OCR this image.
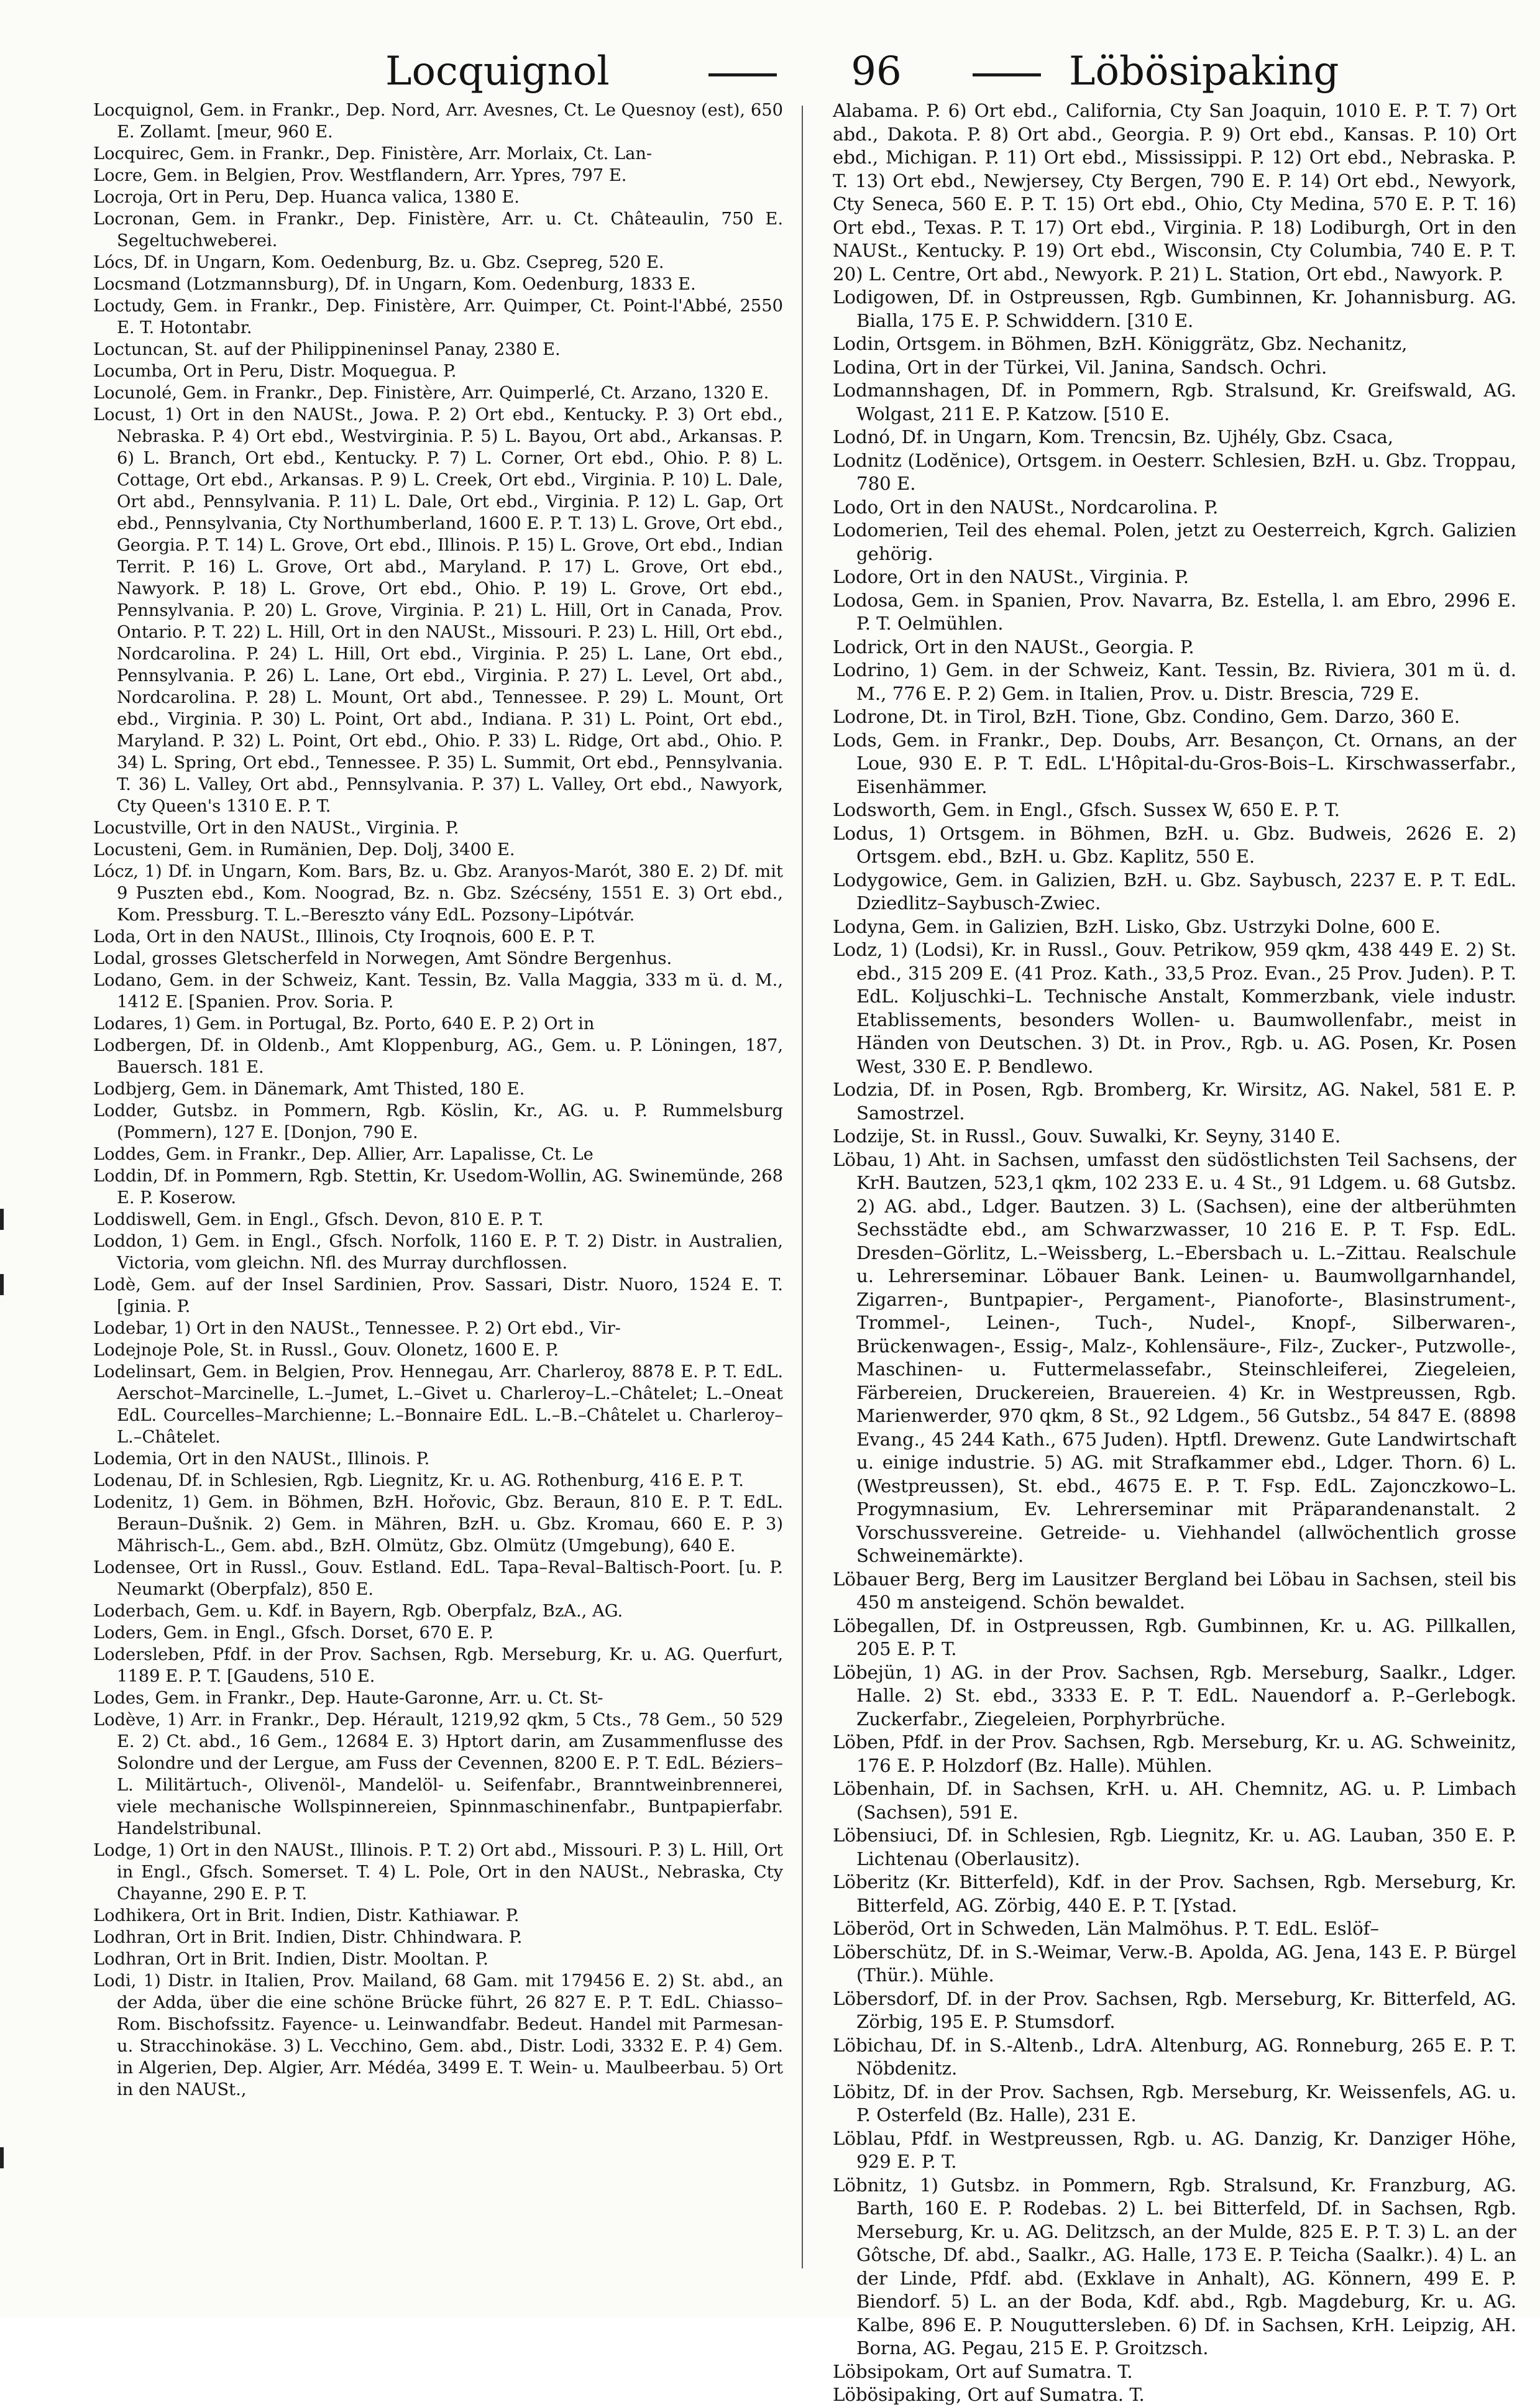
Locquignol	96	Löbösipaking

Locquignol, Gem. in Frankr., Dep. Nord, Arr. Avesnes, Ct. Le Quesnoy (est), 650 E. Zollamt. [meur, 960 E.

Locquirec, Gem. in Frankr., Dep. Finistère, Arr. Morlaix, Ct. Lan-

Locre, Gem. in Belgien, Prov. Westflandern, Arr. Ypres, 797 E.

Locroja, Ort in Peru, Dep. Huanca valica, 1380 E.

Locronan, Gem. in Frankr., Dep. Finistère, Arr. u. Ct. Châteaulin, 750 E. Segeltuchweberei.

Lócs, Df. in Ungarn, Kom. Oedenburg, Bz. u. Gbz. Csepreg, 520 E.

Locsmand (Lotzmannsburg), Df. in Ungarn, Kom. Oedenburg, 1833 E.

Loctudy, Gem. in Frankr., Dep. Finistère, Arr. Quimper, Ct. Point-l'Abbé, 2550 E. T. Hotontabr.

Loctuncan, St. auf der Philippineninsel Panay, 2380 E.

Locumba, Ort in Peru, Distr. Moquegua. P.

Locunolé, Gem. in Frankr., Dep. Finistère, Arr. Quimperlé, Ct. Arzano, 1320 E.

Locust, 1) Ort in den NAUSt., Jowa. P. 2) Ort ebd., Kentucky. P. 3) Ort ebd., Nebraska. P. 4) Ort ebd., Westvirginia. P. 5) L. Bayou, Ort abd., Arkansas. P. 6) L. Branch, Ort ebd., Kentucky. P. 7) L. Corner, Ort ebd., Ohio. P. 8) L. Cottage, Ort ebd., Arkansas. P. 9) L. Creek, Ort ebd., Virginia. P. 10) L. Dale, Ort abd., Pennsylvania. P. 11) L. Dale, Ort ebd., Virginia. P. 12) L. Gap, Ort ebd., Pennsylvania, Cty Northumberland, 1600 E. P. T. 13) L. Grove, Ort ebd., Georgia. P. T. 14) L. Grove, Ort ebd., Illinois. P. 15) L. Grove, Ort ebd., Indian Territ. P. 16) L. Grove, Ort abd., Maryland. P. 17) L. Grove, Ort ebd., Nawyork. P. 18) L. Grove, Ort ebd., Ohio. P. 19) L. Grove, Ort ebd., Pennsylvania. P. 20) L. Grove, Virginia. P. 21) L. Hill, Ort in Canada, Prov. Ontario. P. T. 22) L. Hill, Ort in den NAUSt., Missouri. P. 23) L. Hill, Ort ebd., Nordcarolina. P. 24) L. Hill, Ort ebd., Virginia. P. 25) L. Lane, Ort ebd., Pennsylvania. P. 26) L. Lane, Ort ebd., Virginia. P. 27) L. Level, Ort abd., Nordcarolina. P. 28) L. Mount, Ort abd., Tennessee. P. 29) L. Mount, Ort ebd., Virginia. P. 30) L. Point, Ort abd., Indiana. P. 31) L. Point, Ort ebd., Maryland. P. 32) L. Point, Ort ebd., Ohio. P. 33) L. Ridge, Ort abd., Ohio. P. 34) L. Spring, Ort ebd., Tennessee. P. 35) L. Summit, Ort ebd., Pennsylvania. T. 36) L. Valley, Ort abd., Pennsylvania. P. 37) L. Valley, Ort ebd., Nawyork, Cty Queen's 1310 E. P. T.

Locustville, Ort in den NAUSt., Virginia. P.

Locusteni, Gem. in Rumänien, Dep. Dolj, 3400 E.

Lócz, 1) Df. in Ungarn, Kom. Bars, Bz. u. Gbz. Aranyos-Marót, 380 E. 2) Df. mit 9 Puszten ebd., Kom. Noograd, Bz. n. Gbz. Szécsény, 1551 E. 3) Ort ebd., Kom. Pressburg. T. L.–Bereszto vány EdL. Pozsony–Lipótvár.

Loda, Ort in den NAUSt., Illinois, Cty Iroqnois, 600 E. P. T.

Lodal, grosses Gletscherfeld in Norwegen, Amt Söndre Bergenhus.

Lodano, Gem. in der Schweiz, Kant. Tessin, Bz. Valla Maggia, 333 m ü. d. M., 1412 E. [Spanien. Prov. Soria. P.

Lodares, 1) Gem. in Portugal, Bz. Porto, 640 E. P. 2) Ort in

Lodbergen, Df. in Oldenb., Amt Kloppenburg, AG., Gem. u. P. Löningen, 187, Bauersch. 181 E.

Lodbjerg, Gem. in Dänemark, Amt Thisted, 180 E.

Lodder, Gutsbz. in Pommern, Rgb. Köslin, Kr., AG. u. P. Rummelsburg (Pommern), 127 E. [Donjon, 790 E.

Loddes, Gem. in Frankr., Dep. Allier, Arr. Lapalisse, Ct. Le

Loddin, Df. in Pommern, Rgb. Stettin, Kr. Usedom-Wollin, AG. Swinemünde, 268 E. P. Koserow.

Loddiswell, Gem. in Engl., Gfsch. Devon, 810 E. P. T.

Loddon, 1) Gem. in Engl., Gfsch. Norfolk, 1160 E. P. T. 2) Distr. in Australien, Victoria, vom gleichn. Nfl. des Murray durchflossen.

Lodè, Gem. auf der Insel Sardinien, Prov. Sassari, Distr. Nuoro, 1524 E. T. [ginia. P.

Lodebar, 1) Ort in den NAUSt., Tennessee. P. 2) Ort ebd., Vir-

Lodejnoje Pole, St. in Russl., Gouv. Olonetz, 1600 E. P.

Lodelinsart, Gem. in Belgien, Prov. Hennegau, Arr. Charleroy, 8878 E. P. T. EdL. Aerschot–Marcinelle, L.–Jumet, L.–Givet u. Charleroy–L.–Châtelet; L.–Oneat EdL. Courcelles–Marchienne; L.–Bonnaire EdL. L.–B.–Châtelet u. Charleroy–L.–Châtelet.

Lodemia, Ort in den NAUSt., Illinois. P.

Lodenau, Df. in Schlesien, Rgb. Liegnitz, Kr. u. AG. Rothenburg, 416 E. P. T.

Lodenitz, 1) Gem. in Böhmen, BzH. Hořovic, Gbz. Beraun, 810 E. P. T. EdL. Beraun–Dušnik. 2) Gem. in Mähren, BzH. u. Gbz. Kromau, 660 E. P. 3) Mährisch-L., Gem. abd., BzH. Olmütz, Gbz. Olmütz (Umgebung), 640 E.

Lodensee, Ort in Russl., Gouv. Estland. EdL. Tapa–Reval–Baltisch-Poort. [u. P. Neumarkt (Oberpfalz), 850 E.

Loderbach, Gem. u. Kdf. in Bayern, Rgb. Oberpfalz, BzA., AG.

Loders, Gem. in Engl., Gfsch. Dorset, 670 E. P.

Lodersleben, Pfdf. in der Prov. Sachsen, Rgb. Merseburg, Kr. u. AG. Querfurt, 1189 E. P. T. [Gaudens, 510 E.

Lodes, Gem. in Frankr., Dep. Haute-Garonne, Arr. u. Ct. St-

Lodève, 1) Arr. in Frankr., Dep. Hérault, 1219,92 qkm, 5 Cts., 78 Gem., 50 529 E. 2) Ct. abd., 16 Gem., 12684 E. 3) Hptort darin, am Zusammenflusse des Solondre und der Lergue, am Fuss der Cevennen, 8200 E. P. T. EdL. Béziers–L. Militärtuch-, Olivenöl-, Mandelöl- u. Seifenfabr., Branntweinbrennerei, viele mechanische Wollspinnereien, Spinnmaschinenfabr., Buntpapierfabr. Handelstribunal.

Lodge, 1) Ort in den NAUSt., Illinois. P. T. 2) Ort abd., Missouri. P. 3) L. Hill, Ort in Engl., Gfsch. Somerset. T. 4) L. Pole, Ort in den NAUSt., Nebraska, Cty Chayanne, 290 E. P. T.

Lodhikera, Ort in Brit. Indien, Distr. Kathiawar. P.

Lodhran, Ort in Brit. Indien, Distr. Chhindwara. P.

Lodhran, Ort in Brit. Indien, Distr. Mooltan. P.

Lodi, 1) Distr. in Italien, Prov. Mailand, 68 Gam. mit 179456 E. 2) St. abd., an der Adda, über die eine schöne Brücke führt, 26 827 E. P. T. EdL. Chiasso–Rom. Bischofssitz. Fayence- u. Leinwandfabr. Bedeut. Handel mit Parmesan- u. Stracchinokäse. 3) L. Vecchino, Gem. abd., Distr. Lodi, 3332 E. P. 4) Gem. in Algerien, Dep. Algier, Arr. Médéa, 3499 E. T. Wein- u. Maulbeerbau. 5) Ort in den NAUSt.,

Alabama. P. 6) Ort ebd., California, Cty San Joaquin, 1010 E. P. T. 7) Ort abd., Dakota. P. 8) Ort abd., Georgia. P. 9) Ort ebd., Kansas. P. 10) Ort ebd., Michigan. P. 11) Ort ebd., Mississippi. P. 12) Ort ebd., Nebraska. P. T. 13) Ort ebd., Newjersey, Cty Bergen, 790 E. P. 14) Ort ebd., Newyork, Cty Seneca, 560 E. P. T. 15) Ort ebd., Ohio, Cty Medina, 570 E. P. T. 16) Ort ebd., Texas. P. T. 17) Ort ebd., Virginia. P. 18) Lodiburgh, Ort in den NAUSt., Kentucky. P. 19) Ort ebd., Wisconsin, Cty Columbia, 740 E. P. T. 20) L. Centre, Ort abd., Newyork. P. 21) L. Station, Ort ebd., Nawyork. P.

Lodigowen, Df. in Ostpreussen, Rgb. Gumbinnen, Kr. Johannisburg. AG. Bialla, 175 E. P. Schwiddern. [310 E.

Lodin, Ortsgem. in Böhmen, BzH. Königgrätz, Gbz. Nechanitz,

Lodina, Ort in der Türkei, Vil. Janina, Sandsch. Ochri.

Lodmannshagen, Df. in Pommern, Rgb. Stralsund, Kr. Greifswald, AG. Wolgast, 211 E. P. Katzow. [510 E.

Lodnó, Df. in Ungarn, Kom. Trencsin, Bz. Ujhély, Gbz. Csaca,

Lodnitz (Lodĕnice), Ortsgem. in Oesterr. Schlesien, BzH. u. Gbz. Troppau, 780 E.

Lodo, Ort in den NAUSt., Nordcarolina. P.

Lodomerien, Teil des ehemal. Polen, jetzt zu Oesterreich, Kgrch. Galizien gehörig.

Lodore, Ort in den NAUSt., Virginia. P.

Lodosa, Gem. in Spanien, Prov. Navarra, Bz. Estella, l. am Ebro, 2996 E. P. T. Oelmühlen.

Lodrick, Ort in den NAUSt., Georgia. P.

Lodrino, 1) Gem. in der Schweiz, Kant. Tessin, Bz. Riviera, 301 m ü. d. M., 776 E. P. 2) Gem. in Italien, Prov. u. Distr. Brescia, 729 E.

Lodrone, Dt. in Tirol, BzH. Tione, Gbz. Condino, Gem. Darzo, 360 E.

Lods, Gem. in Frankr., Dep. Doubs, Arr. Besançon, Ct. Ornans, an der Loue, 930 E. P. T. EdL. L'Hôpital-du-Gros-Bois–L. Kirschwasserfabr., Eisenhämmer.

Lodsworth, Gem. in Engl., Gfsch. Sussex W, 650 E. P. T.

Lodus, 1) Ortsgem. in Böhmen, BzH. u. Gbz. Budweis, 2626 E. 2) Ortsgem. ebd., BzH. u. Gbz. Kaplitz, 550 E.

Lodygowice, Gem. in Galizien, BzH. u. Gbz. Saybusch, 2237 E. P. T. EdL. Dziedlitz–Saybusch-Zwiec.

Lodyna, Gem. in Galizien, BzH. Lisko, Gbz. Ustrzyki Dolne, 600 E.

Lodz, 1) (Lodsi), Kr. in Russl., Gouv. Petrikow, 959 qkm, 438 449 E. 2) St. ebd., 315 209 E. (41 Proz. Kath., 33,5 Proz. Evan., 25 Prov. Juden). P. T. EdL. Koljuschki–L. Technische Anstalt, Kommerzbank, viele industr. Etablissements, besonders Wollen- u. Baumwollenfabr., meist in Händen von Deutschen. 3) Dt. in Prov., Rgb. u. AG. Posen, Kr. Posen West, 330 E. P. Bendlewo.

Lodzia, Df. in Posen, Rgb. Bromberg, Kr. Wirsitz, AG. Nakel, 581 E. P. Samostrzel.

Lodzije, St. in Russl., Gouv. Suwalki, Kr. Seyny, 3140 E.

Löbau, 1) Aht. in Sachsen, umfasst den südöstlichsten Teil Sachsens, der KrH. Bautzen, 523,1 qkm, 102 233 E. u. 4 St., 91 Ldgem. u. 68 Gutsbz. 2) AG. abd., Ldger. Bautzen. 3) L. (Sachsen), eine der altberühmten Sechsstädte ebd., am Schwarzwasser, 10 216 E. P. T. Fsp. EdL. Dresden–Görlitz, L.–Weissberg, L.–Ebersbach u. L.–Zittau. Realschule u. Lehrerseminar. Löbauer Bank. Leinen- u. Baumwollgarnhandel, Zigarren-, Buntpapier-, Pergament-, Pianoforte-, Blasinstrument-, Trommel-, Leinen-, Tuch-, Nudel-, Knopf-, Silberwaren-, Brückenwagen-, Essig-, Malz-, Kohlensäure-, Filz-, Zucker-, Putzwolle-, Maschinen- u. Futtermelassefabr., Steinschleiferei, Ziegeleien, Färbereien, Druckereien, Brauereien. 4) Kr. in Westpreussen, Rgb. Marienwerder, 970 qkm, 8 St., 92 Ldgem., 56 Gutsbz., 54 847 E. (8898 Evang., 45 244 Kath., 675 Juden). Hptfl. Drewenz. Gute Landwirtschaft u. einige industrie. 5) AG. mit Strafkammer ebd., Ldger. Thorn. 6) L. (Westpreussen), St. ebd., 4675 E. P. T. Fsp. EdL. Zajonczkowo–L. Progymnasium, Ev. Lehrerseminar mit Präparandenanstalt. 2 Vorschussvereine. Getreide- u. Viehhandel (allwöchentlich grosse Schweinemärkte).

Löbauer Berg, Berg im Lausitzer Bergland bei Löbau in Sachsen, steil bis 450 m ansteigend. Schön bewaldet.

Löbegallen, Df. in Ostpreussen, Rgb. Gumbinnen, Kr. u. AG. Pillkallen, 205 E. P. T.

Löbejün, 1) AG. in der Prov. Sachsen, Rgb. Merseburg, Saalkr., Ldger. Halle. 2) St. ebd., 3333 E. P. T. EdL. Nauendorf a. P.–Gerlebogk. Zuckerfabr., Ziegeleien, Porphyrbrüche.

Löben, Pfdf. in der Prov. Sachsen, Rgb. Merseburg, Kr. u. AG. Schweinitz, 176 E. P. Holzdorf (Bz. Halle). Mühlen.

Löbenhain, Df. in Sachsen, KrH. u. AH. Chemnitz, AG. u. P. Limbach (Sachsen), 591 E.

Löbensiuci, Df. in Schlesien, Rgb. Liegnitz, Kr. u. AG. Lauban, 350 E. P. Lichtenau (Oberlausitz).

Löberitz (Kr. Bitterfeld), Kdf. in der Prov. Sachsen, Rgb. Merseburg, Kr. Bitterfeld, AG. Zörbig, 440 E. P. T. [Ystad.

Löberöd, Ort in Schweden, Län Malmöhus. P. T. EdL. Eslöf–

Löberschütz, Df. in S.-Weimar, Verw.-B. Apolda, AG. Jena, 143 E. P. Bürgel (Thür.). Mühle.

Löbersdorf, Df. in der Prov. Sachsen, Rgb. Merseburg, Kr. Bitterfeld, AG. Zörbig, 195 E. P. Stumsdorf.

Löbichau, Df. in S.-Altenb., LdrA. Altenburg, AG. Ronneburg, 265 E. P. T. Nöbdenitz.

Löbitz, Df. in der Prov. Sachsen, Rgb. Merseburg, Kr. Weissenfels, AG. u. P. Osterfeld (Bz. Halle), 231 E.

Löblau, Pfdf. in Westpreussen, Rgb. u. AG. Danzig, Kr. Danziger Höhe, 929 E. P. T.

Löbnitz, 1) Gutsbz. in Pommern, Rgb. Stralsund, Kr. Franzburg, AG. Barth, 160 E. P. Rodebas. 2) L. bei Bitterfeld, Df. in Sachsen, Rgb. Merseburg, Kr. u. AG. Delitzsch, an der Mulde, 825 E. P. T. 3) L. an der Gôtsche, Df. abd., Saalkr., AG. Halle, 173 E. P. Teicha (Saalkr.). 4) L. an der Linde, Pfdf. abd. (Exklave in Anhalt), AG. Könnern, 499 E. P. Biendorf. 5) L. an der Boda, Kdf. abd., Rgb. Magdeburg, Kr. u. AG. Kalbe, 896 E. P. Nouguttersleben. 6) Df. in Sachsen, KrH. Leipzig, AH. Borna, AG. Pegau, 215 E. P. Groitzsch.

Löbsipokam, Ort auf Sumatra. T.

Löbösipaking, Ort auf Sumatra. T.
